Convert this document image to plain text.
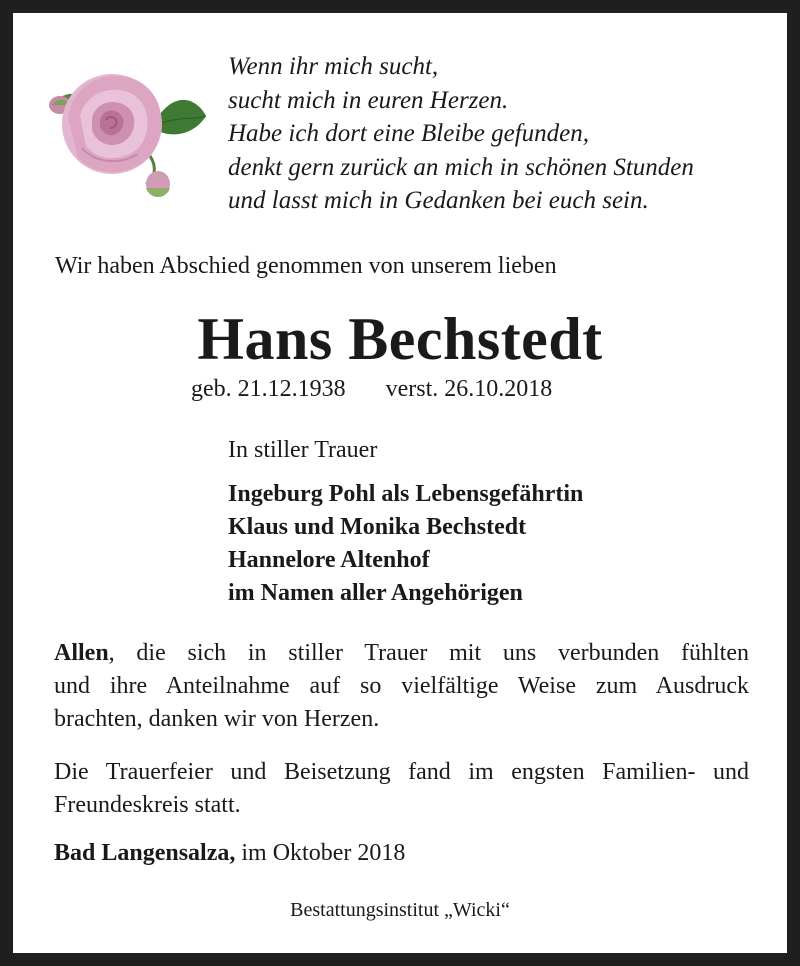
Wenn ihr mich sucht,
sucht mich in euren Herzen.
Habe ich dort eine Bleibe gefunden,
denkt gern zurück an mich in schönen Stunden
und lasst mich in Gedanken bei euch sein.
Wir haben Abschied genommen von unserem lieben
Hans Bechstedt
geb. 21.12.1938 verst. 26.10.2018
In stiller Trauer
Ingeburg Pohl als Lebensgefährtin
Klaus und Monika Bechstedt
Hannelore Altenhof
im Namen aller Angehörigen
Allen, die sich in stiller Trauer mit uns verbunden fühlten
und ihre Anteilnahme auf so vielfältige Weise zum Ausdruck
brachten, danken wir von Herzen.
Die Trauerfeier und Beisetzung fand im engsten Familien- und Freundeskreis statt.
Bad Langensalza, im Oktober 2018
Bestattungsinstitut „Wicki“
